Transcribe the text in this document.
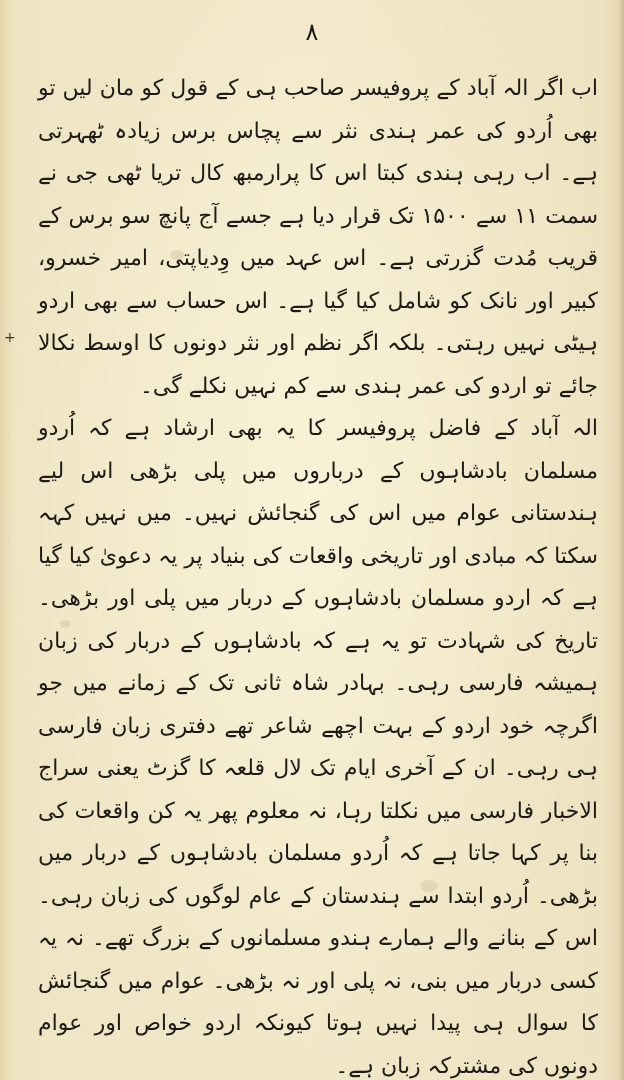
۸
+

اب اگر الہ آباد کے پروفیسر صاحب ہی کے قول کو مان لیں تو بھی اُردو کی عمر ہندی نثر سے پچاس برس زیادہ ٹھہرتی ہے۔ اب رہی ہندی کبتا اس کا پرارمبھ کال تریا ٹھی جی نے سمت ۱۱ سے ۱۵۰۰ تک قرار دیا ہے جسے آج پانچ سو برس کے قریب مُدت گزرتی ہے۔ اس عہد میں وِدیاپتی، امیر خسرو، کبیر اور نانک کو شامل کیا گیا ہے۔ اس حساب سے بھی اردو ہیٹی نہیں رہتی۔ بلکہ اگر نظم اور نثر دونوں کا اوسط نکالا جائے تو اردو کی عمر ہندی سے کم نہیں نکلے گی۔

الہ آباد کے فاضل پروفیسر کا یہ بھی ارشاد ہے کہ اُردو مسلمان بادشاہوں کے درباروں میں پلی بڑھی اس لیے ہندستانی عوام میں اس کی گنجائش نہیں۔ میں نہیں کہہ سکتا کہ مبادی اور تاریخی واقعات کی بنیاد پر یہ دعویٰ کیا گیا ہے کہ اردو مسلمان بادشاہوں کے دربار میں پلی اور بڑھی۔ تاریخ کی شہادت تو یہ ہے کہ بادشاہوں کے دربار کی زبان ہمیشہ فارسی رہی۔ بہادر شاہ ثانی تک کے زمانے میں جو اگرچہ خود اردو کے بہت اچھے شاعر تھے دفتری زبان فارسی ہی رہی۔ ان کے آخری ایام تک لال قلعہ کا گزٹ یعنی سراج الاخبار فارسی میں نکلتا رہا، نہ معلوم پھر یہ کن واقعات کی بنا پر کہا جاتا ہے کہ اُردو مسلمان بادشاہوں کے دربار میں بڑھی۔ اُردو ابتدا سے ہندستان کے عام لوگوں کی زبان رہی۔ اس کے بنانے والے ہمارے ہندو مسلمانوں کے بزرگ تھے۔ نہ یہ کسی دربار میں بنی، نہ پلی اور نہ بڑھی۔ عوام میں گنجائش کا سوال ہی پیدا نہیں ہوتا کیونکہ اردو خواص اور عوام دونوں کی مشترکہ زبان ہے۔
